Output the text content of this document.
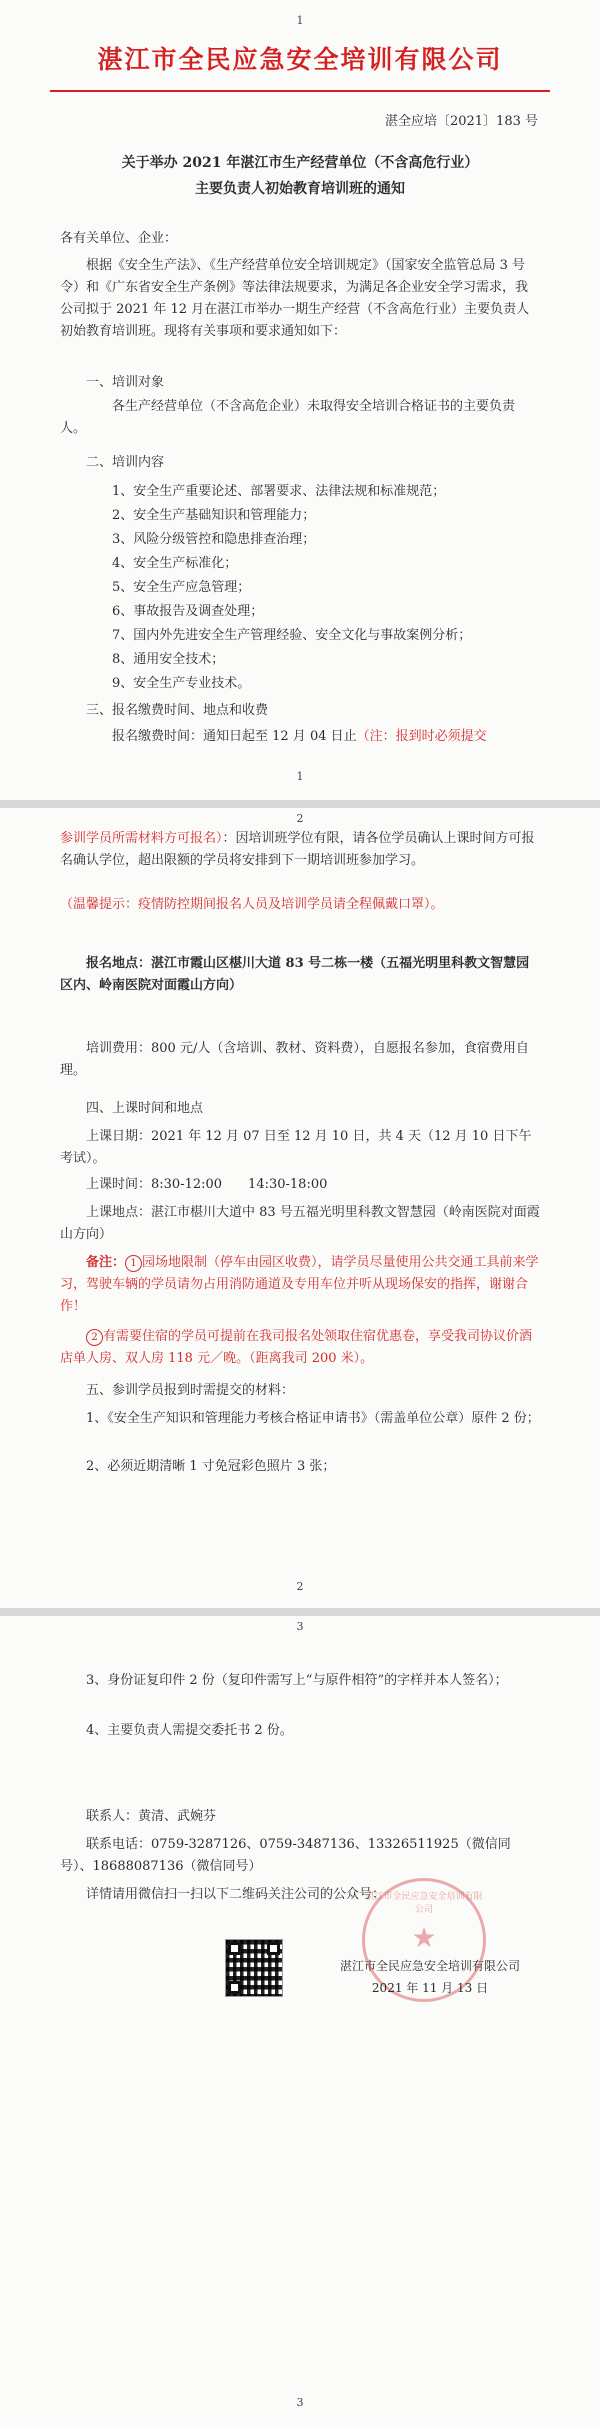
1
湛江市全民应急安全培训有限公司
湛全应培〔2021〕183 号
关于举办 2021 年湛江市生产经营单位（不含高危行业）
主要负责人初始教育培训班的通知
各有关单位、企业：
根据《安全生产法》、《生产经营单位安全培训规定》（国家安全监管总局 3 号令）和《广东省安全生产条例》等法律法规要求，为满足各企业安全学习需求，我公司拟于 2021 年 12 月在湛江市举办一期生产经营（不含高危行业）主要负责人初始教育培训班。现将有关事项和要求通知如下：
一、培训对象
各生产经营单位（不含高危企业）未取得安全培训合格证书的主要负责人。
二、培训内容
1、安全生产重要论述、部署要求、法律法规和标准规范；
2、安全生产基础知识和管理能力；
3、风险分级管控和隐患排查治理；
4、安全生产标准化；
5、安全生产应急管理；
6、事故报告及调查处理；
7、国内外先进安全生产管理经验、安全文化与事故案例分析；
8、通用安全技术；
9、安全生产专业技术。
三、报名缴费时间、地点和收费
报名缴费时间：通知日起至 12 月 04 日止（注：报到时必须提交
1
2
参训学员所需材料方可报名）：因培训班学位有限，请各位学员确认上课时间方可报名确认学位，超出限额的学员将安排到下一期培训班参加学习。
（温馨提示：疫情防控期间报名人员及培训学员请全程佩戴口罩）。
报名地点：湛江市霞山区椹川大道 83 号二栋一楼（五福光明里科教文智慧园区内、岭南医院对面霞山方向）
培训费用：800 元/人（含培训、教材、资料费），自愿报名参加，食宿费用自理。
四、上课时间和地点
上课日期：2021 年 12 月 07 日至 12 月 10 日，共 4 天（12 月 10 日下午考试）。
上课时间：8:30-12:00　　14:30-18:00
上课地点：湛江市椹川大道中 83 号五福光明里科教文智慧园（岭南医院对面霞山方向）
备注： 1 园场地限制（停车由园区收费），请学员尽量使用公共交通工具前来学习，驾驶车辆的学员请勿占用消防通道及专用车位并听从现场保安的指挥，谢谢合作！
2 有需要住宿的学员可提前在我司报名处领取住宿优惠卷，享受我司协议价酒店单人房、双人房 118 元／晚。（距离我司 200 米）。
五、参训学员报到时需提交的材料：
1、《安全生产知识和管理能力考核合格证申请书》（需盖单位公章）原件 2 份；
2、必须近期清晰 1 寸免冠彩色照片 3 张；
2
3
3、身份证复印件 2 份（复印件需写上“与原件相符”的字样并本人签名）；
4、主要负责人需提交委托书 2 份。
联系人：黄清、武婉芬
联系电话：0759-3287126、0759-3487136、13326511925（微信同号）、18688087136（微信同号）
详情请用微信扫一扫以下二维码关注公司的公众号：
湛江市全民应急安全培训有限公司
★
湛江市全民应急安全培训有限公司
2021 年 11 月 13 日
3
